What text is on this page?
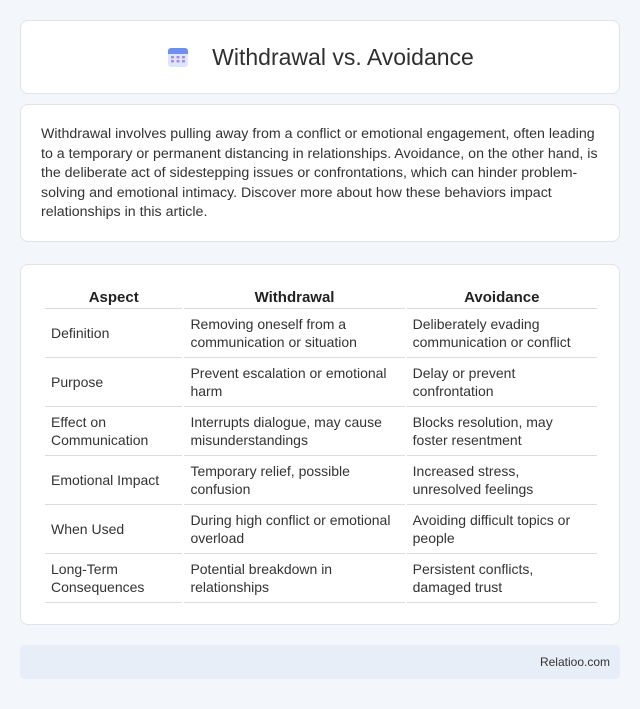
Withdrawal vs. Avoidance

Withdrawal involves pulling away from a conflict or emotional engagement, often leading to a temporary or permanent distancing in relationships. Avoidance, on the other hand, is the deliberate act of sidestepping issues or confrontations, which can hinder problem-solving and emotional intimacy. Discover more about how these behaviors impact relationships in this article.

Aspect	Withdrawal	Avoidance
Definition	Removing oneself from a communication or situation	Deliberately evading communication or conflict
Purpose	Prevent escalation or emotional harm	Delay or prevent confrontation
Effect on Communication	Interrupts dialogue, may cause misunderstandings	Blocks resolution, may foster resentment
Emotional Impact	Temporary relief, possible confusion	Increased stress, unresolved feelings
When Used	During high conflict or emotional overload	Avoiding difficult topics or people
Long-Term Consequences	Potential breakdown in relationships	Persistent conflicts, damaged trust
Relatioo.com
